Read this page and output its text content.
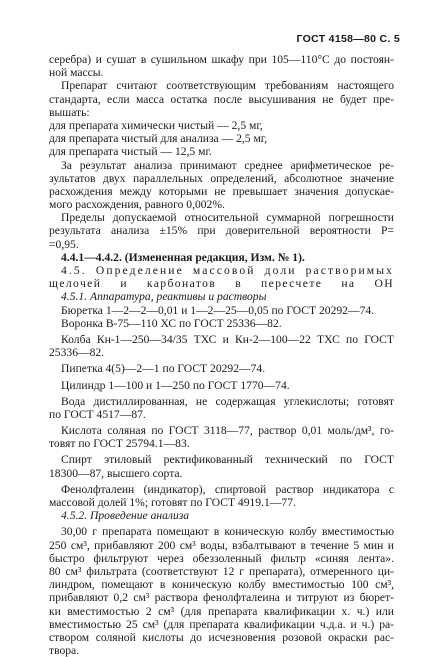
ГОСТ 4158—80 С. 5
серебра) и сушат в сушильном шкафу при 105—110°С до постоян-
ной массы.
Препарат считают соответствующим требованиям настоящего
стандарта, если масса остатка после высушивания не будет пре-
вышать:
для препарата химически чистый — 2,5 мг,
для препарата чистый для анализа — 2,5 мг,
для препарата чистый — 12,5 мг.
За результат анализа принимают среднее арифметическое ре-
зультатов двух параллельных определений, абсолютное значение
расхождения между которыми не превышает значения допускае-
мого расхождения, равного 0,002%.
Пределы допускаемой относительной суммарной погрешности
результата анализа ±15% при доверительной вероятности P=
=0,95.
4.4.1—4.4.2. (Измененная редакция, Изм. № 1).
4.5. Определение массовой доли растворимых
щелочей и карбонатов в пересчете на ОН
4.5.1. Аппаратура, реактивы и растворы
Бюретка 1—2—2—0,01 и 1—2—25—0,05 по ГОСТ 20292—74.
Воронка В-75—110 ХС по ГОСТ 25336—82.
Колба Кн-1—250—34/35 ТХС и Кн-2—100—22 ТХС по ГОСТ
25336—82.
Пипетка 4(5)—2—1 по ГОСТ 20292—74.
Цилиндр 1—100 и 1—250 по ГОСТ 1770—74.
Вода дистиллированная, не содержащая углекислоты; готовят
по ГОСТ 4517—87.
Кислота соляная по ГОСТ 3118—77, раствор 0,01 моль/дм³, го-
товят по ГОСТ 25794.1—83.
Спирт этиловый ректификованный технический по ГОСТ
18300—87, высшего сорта.
Фенолфталеин (индикатор), спиртовой раствор индикатора с
массовой долей 1%; готовят по ГОСТ 4919.1—77.
4.5.2. Проведение анализа
30,00 г препарата помещают в коническую колбу вместимостью
250 см³, прибавляют 200 см³ воды, взбалтывают в течение 5 мин и
быстро фильтруют через обеззоленный фильтр «синяя лента».
80 см³ фильтрата (соответствуют 12 г препарата), отмеренного ци-
линдром, помещают в коническую колбу вместимостью 100 см³,
прибавляют 0,2 см³ раствора фенолфталеина и титруют из бюрет-
ки вместимостью 2 см³ (для препарата квалификации х. ч.) или
вместимостью 25 см³ (для препарата квалификации ч.д.а. и ч.) ра-
створом соляной кислоты до исчезновения розовой окраски рас-
твора.
